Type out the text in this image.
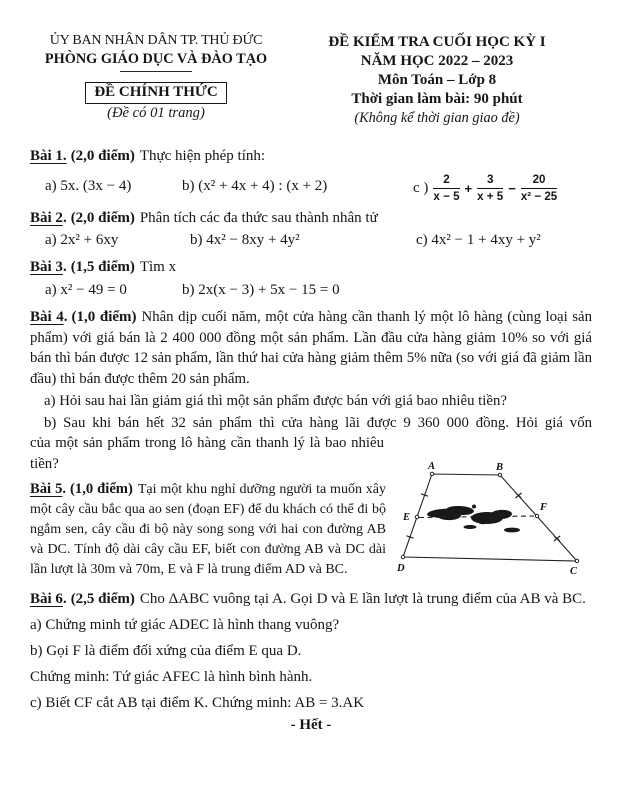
ỦY BAN NHÂN DÂN TP. THỦ ĐỨC
PHÒNG GIÁO DỤC VÀ ĐÀO TẠO
ĐỀ CHÍNH THỨC
(Đề có 01 trang)
ĐỀ KIỂM TRA CUỐI HỌC KỲ I
NĂM HỌC 2022 – 2023
Môn Toán – Lớp 8
Thời gian làm bài: 90 phút
(Không kể thời gian giao đề)
Bài 1. (2,0 điểm) Thực hiện phép tính:
a) 5x. (3x − 4)	b) (x² + 4x + 4) : (x + 2)	c ) $\frac{2}{x - 5} + \frac{3}{x + 5} - \frac{20}{\text{x² − 25}}$
Bài 2. (2,0 điểm) Phân tích các đa thức sau thành nhân tử
a) 2x² + 6xy	b) 4x² − 8xy + 4y²	c) 4x² − 1 + 4xy + y²
Bài 3. (1,5 điểm) Tìm x
a) x² − 49 = 0	b) 2x(x − 3) + 5x − 15 = 0
Bài 4. (1,0 điểm) Nhân dịp cuối năm, một cửa hàng cần thanh lý một lô hàng (cùng loại sản phẩm) với giá bán là 2 400 000 đồng một sản phẩm. Lần đầu cửa hàng giảm 10% so với giá bán thì bán được 12 sản phẩm, lần thứ hai cửa hàng giảm thêm 5% nữa (so với giá đã giảm lần đầu) thì bán được thêm 20 sản phẩm.
a) Hỏi sau hai lần giảm giá thì một sản phẩm được bán với giá bao nhiêu tiền?
b) Sau khi bán hết 32 sản phẩm thì cửa hàng lãi được 9 360 000 đồng. Hỏi giá vốn
của một sản phẩm trong lô hàng cần thanh lý là bao nhiêu tiền?
Bài 5. (1,0 điểm) Tại một khu nghỉ dưỡng người ta muốn xây một cây cầu bắc qua ao sen (đoạn EF) để du khách có thể đi bộ ngắm sen, cây cầu đi bộ này song song với hai con đường AB và DC. Tính độ dài cây cầu EF, biết con đường AB và DC dài lần lượt là 30m và 70m, E và F là trung điểm AD và BC.
A	B
C
D
E
F
Bài 6. (2,5 điểm) Cho ΔABC vuông tại A. Gọi D và E lần lượt là trung điểm của AB và BC.
a) Chứng minh tứ giác ADEC là hình thang vuông?
b) Gọi F là điểm đối xứng của điểm E qua D.
Chứng minh: Tứ giác AFEC là hình bình hành.
c) Biết CF cắt AB tại điểm K. Chứng minh: AB = 3.AK
- Hết -
